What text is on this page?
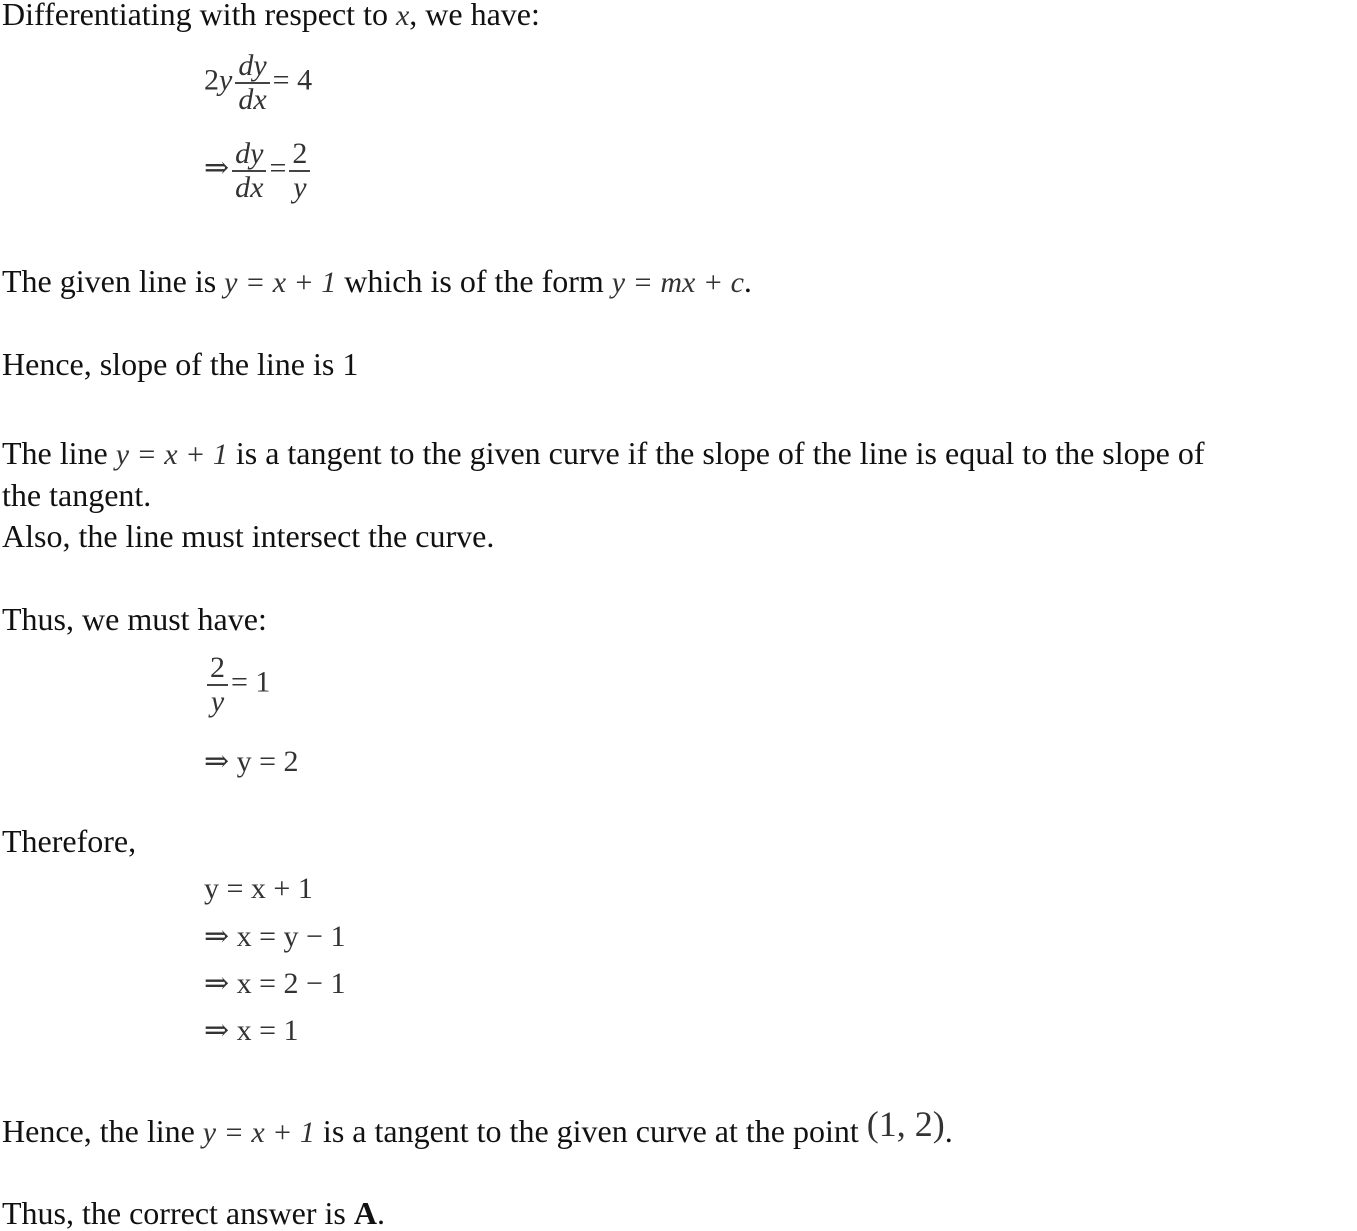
Differentiating with respect to x, we have:
$2y \frac{dy}{dx} = 4$
⇒ $\frac{dy}{dx} = \frac{2}{y}$
The given line is y = x + 1 which is of the form y = mx + c.
Hence, slope of the line is 1
The line y = x + 1 is a tangent to the given curve if the slope of the line is equal to the slope of
the tangent.
Also, the line must intersect the curve.
Thus, we must have:
$\frac{2}{y} = 1$
⇒ y = 2
Therefore,
y = x + 1
⇒ x = y − 1
⇒ x = 2 − 1
⇒ x = 1
Hence, the line y = x + 1 is a tangent to the given curve at the point (1, 2).
Thus, the correct answer is A.
